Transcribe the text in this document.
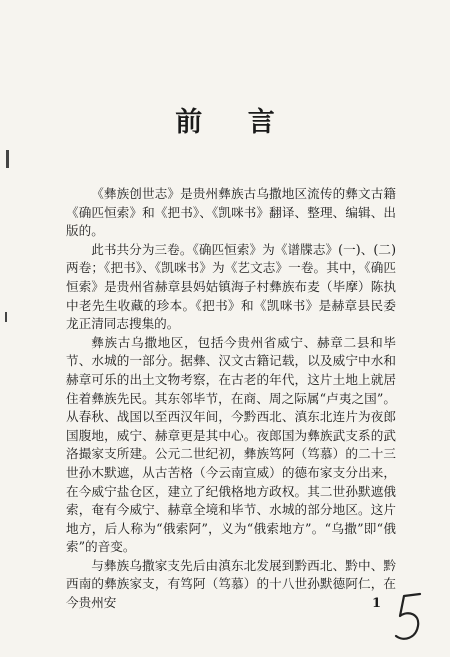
前 言

《彝族创世志》是贵州彝族古乌撒地区流传的彝文古籍《确匹恒索》和《把书》、《凯咪书》翻译、整理、编辑、出版的。

此书共分为三卷。《确匹恒索》为《谱牒志》(一)、(二)两卷；《把书》、《凯咪书》为《艺文志》一卷。其中，《确匹恒索》是贵州省赫章县妈姑镇海子村彝族布麦（毕摩）陈执中老先生收藏的珍本。《把书》和《凯咪书》是赫章县民委龙正清同志搜集的。

彝族古乌撒地区，包括今贵州省威宁、赫章二县和毕节、水城的一部分。据彝、汉文古籍记载，以及威宁中水和赫章可乐的出土文物考察，在古老的年代，这片土地上就居住着彝族先民。其东邻毕节，在商、周之际属“卢夷之国”。从春秋、战国以至西汉年间，今黔西北、滇东北连片为夜郎国腹地，威宁、赫章更是其中心。夜郎国为彝族武支系的武洛撮家支所建。公元二世纪初，彝族笃阿（笃慕）的二十三世孙木默遮，从古苦格（今云南宣威）的德布家支分出来，在今威宁盐仓区，建立了纪俄格地方政权。其二世孙默遮俄索，奄有今威宁、赫章全境和毕节、水城的部分地区。这片地方，后人称为“俄索阿”，义为“俄索地方”。“乌撒”即“俄索”的音变。

与彝族乌撒家支先后由滇东北发展到黔西北、黔中、黔西南的彝族家支，有笃阿（笃慕）的十八世孙默德阿仁，在今贵州安	1
